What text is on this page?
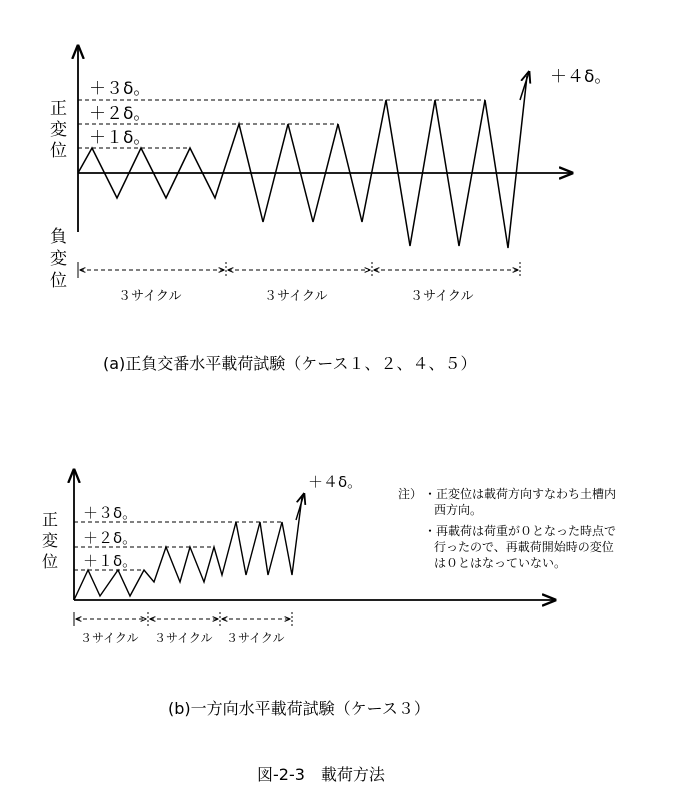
＋１δ。
＋２δ。
＋３δ。
＋４δ。
正
変
位
負
変
位
３サイクル	３サイクル	３サイクル
(a)正負交番水平載荷試験（ケース１、２、４、５）
＋１δ。
＋２δ。
＋３δ。
＋４δ。
正
変
位
３サイクル ３サイクル ３サイクル
注） ・正変位は載荷方向すなわち土槽内
西方向。
・再載荷は荷重が０となった時点で
行ったので、再載荷開始時の変位
は０とはなっていない。
(b)一方向水平載荷試験（ケース３）
図-2-3　載荷方法
